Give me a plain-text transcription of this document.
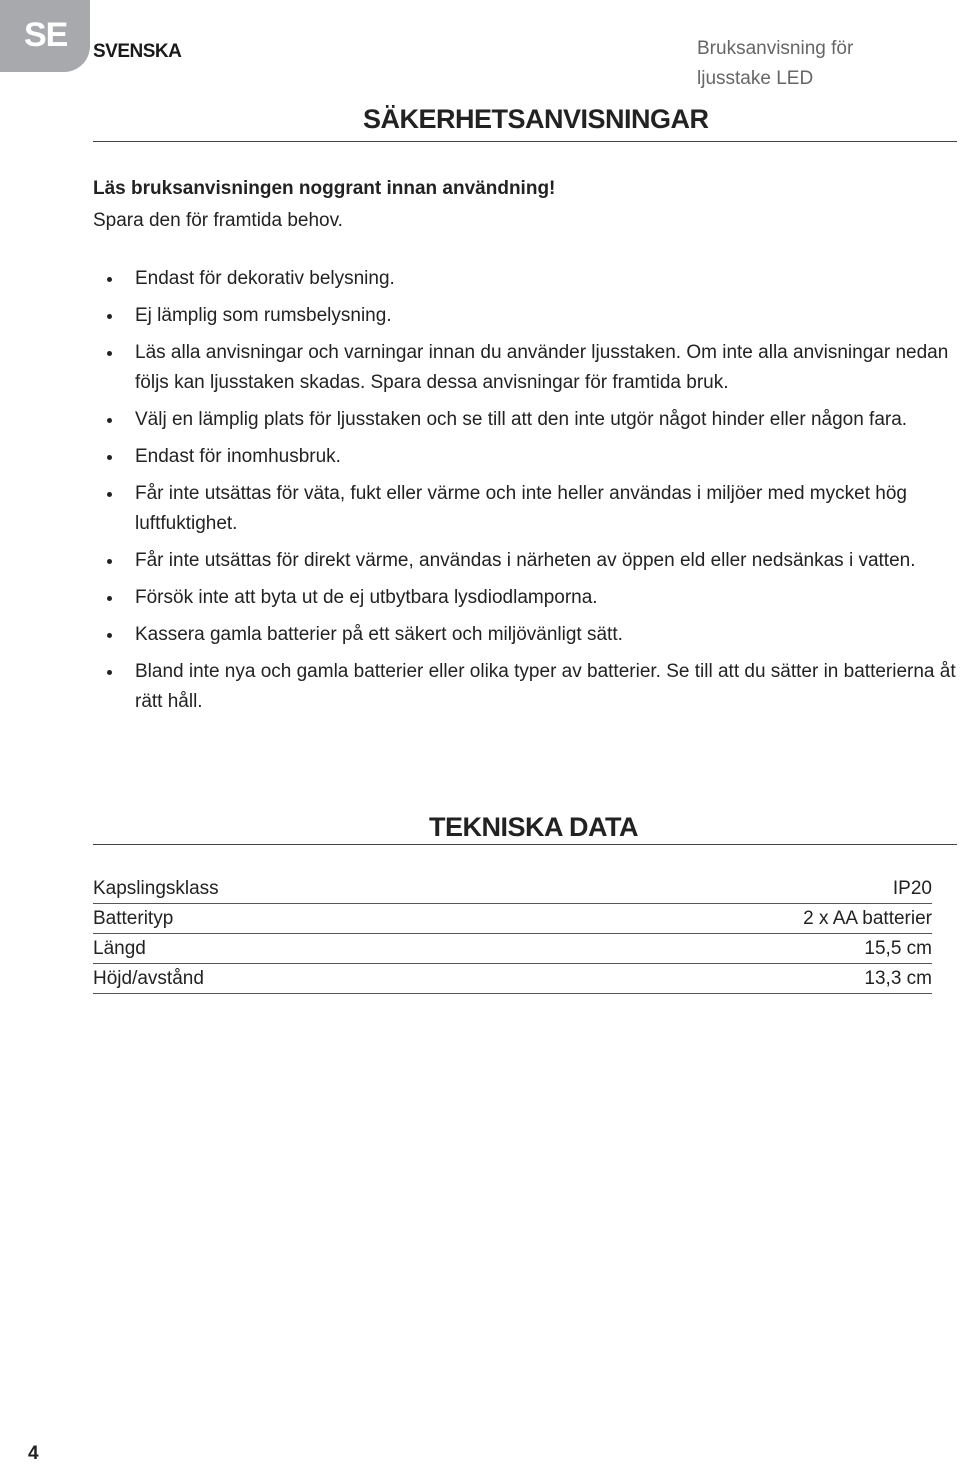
SE SVENSKA	Bruksanvisning för
ljusstake LED
SÄKERHETSANVISNINGAR
Läs bruksanvisningen noggrant innan användning!
Spara den för framtida behov.
Endast för dekorativ belysning.
Ej lämplig som rumsbelysning.
Läs alla anvisningar och varningar innan du använder ljusstaken. Om inte alla anvisningar nedan följs kan ljusstaken skadas. Spara dessa anvisningar för framtida bruk.
Välj en lämplig plats för ljusstaken och se till att den inte utgör något hinder eller någon fara.
Endast för inomhusbruk.
Får inte utsättas för väta, fukt eller värme och inte heller användas i miljöer med mycket hög luftfuktighet.
Får inte utsättas för direkt värme, användas i närheten av öppen eld eller nedsänkas i vatten.
Försök inte att byta ut de ej utbytbara lysdiodlamporna.
Kassera gamla batterier på ett säkert och miljövänligt sätt.
Bland inte nya och gamla batterier eller olika typer av batterier. Se till att du sätter in batterierna åt rätt håll.
TEKNISKA DATA
Kapslingsklass	IP20
Batterityp	2 x AA batterier
Längd	15,5 cm
Höjd/avstånd	13,3 cm
4
